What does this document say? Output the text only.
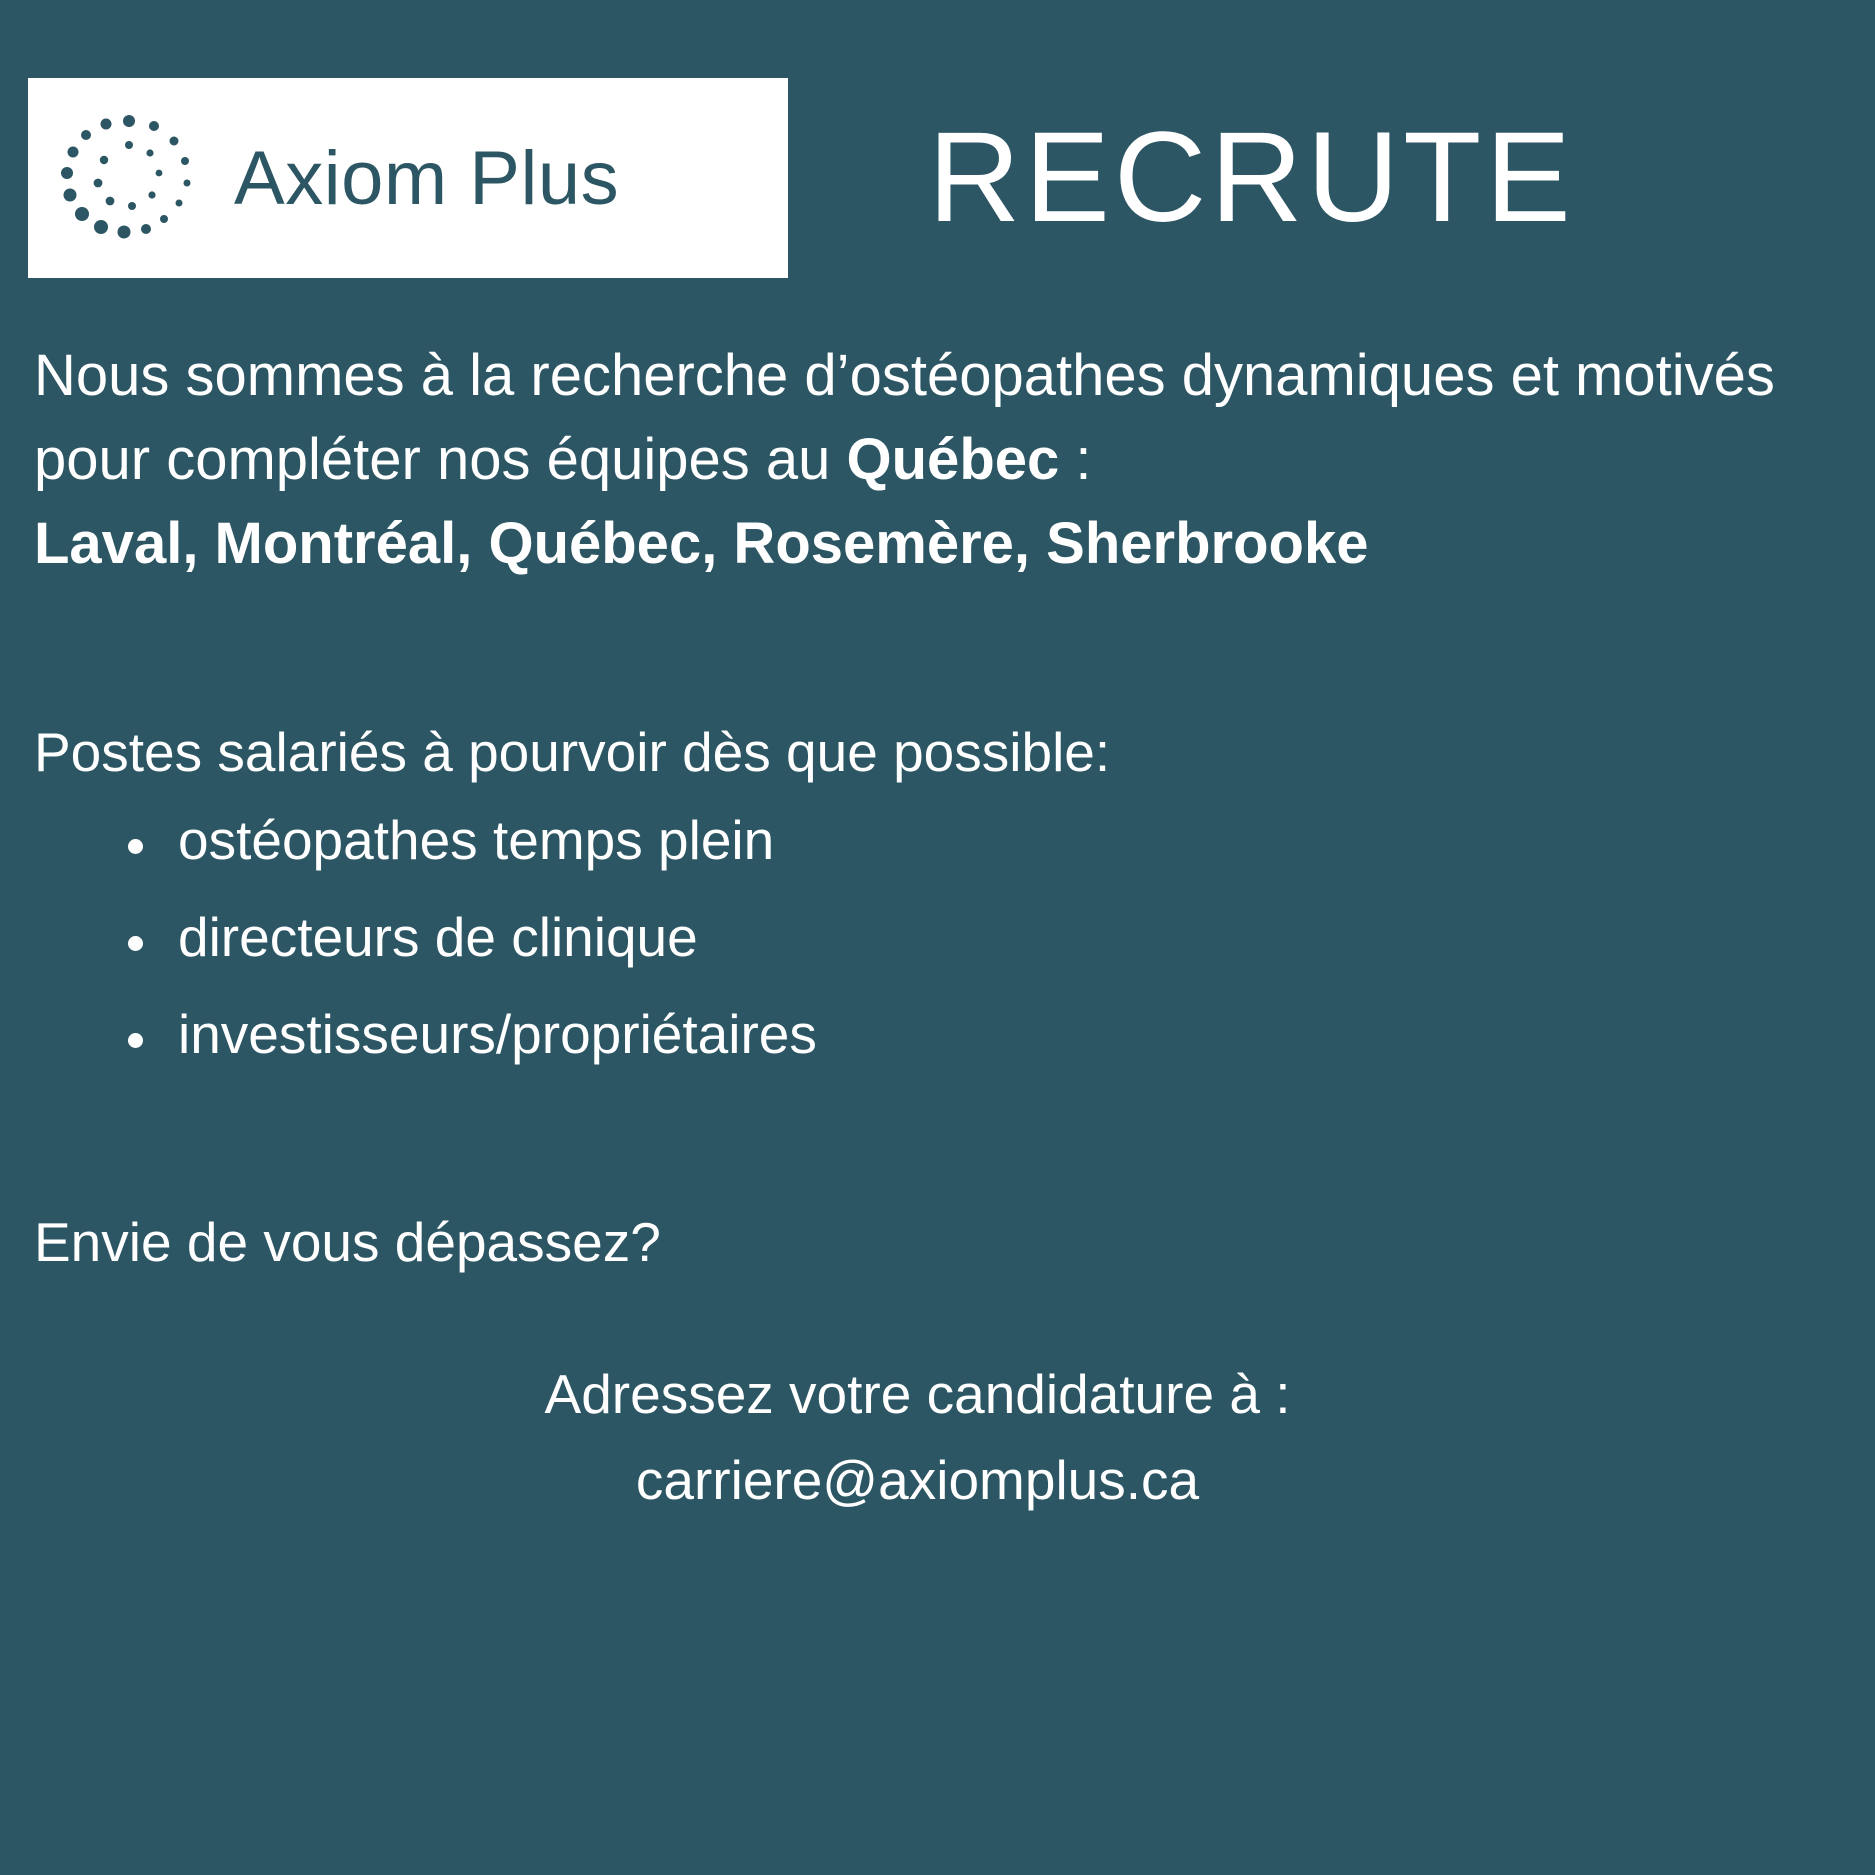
Axiom Plus RECRUTE

Nous sommes à la recherche d’ostéopathes dynamiques et motivés pour compléter nos équipes au Québec :

Laval, Montréal, Québec, Rosemère, Sherbrooke

Postes salariés à pourvoir dès que possible:

ostéopathes temps plein
directeurs de clinique
investisseurs/propriétaires

Envie de vous dépassez?

Adressez votre candidature à :
carriere@axiomplus.ca
